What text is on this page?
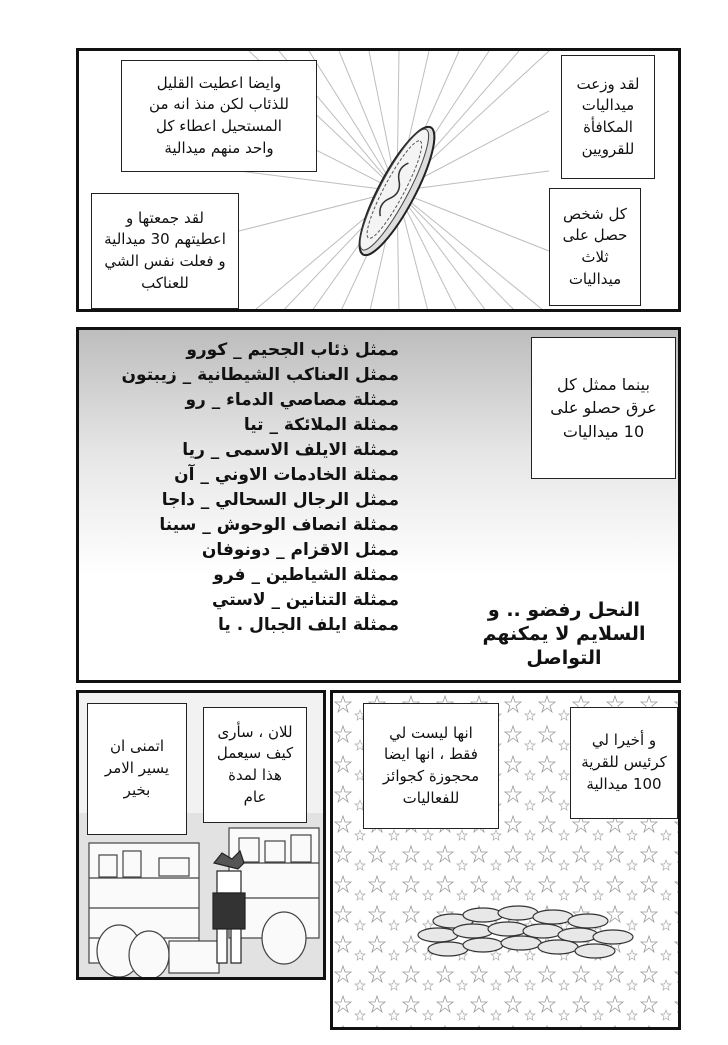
وايضا اعطيت القليل
للذئاب لكن منذ انه من
المستحيل اعطاء كل
واحد منهم ميدالية
لقد جمعتها و
اعطيتهم 30 ميدالية
و فعلت نفس الشي
للعناكب
لقد وزعت
ميداليات
المكافأة
للقرويين
كل شخص
حصل على
ثلاث
ميداليات
بينما ممثل كل
عرق حصلو على
10 ميداليات
ممثل ذئاب الجحيم _ كورو
ممثل العناكب الشيطانية _ زيبتون
ممثلة مصاصي الدماء _ رو
ممثلة الملائكة _ تيا
ممثلة الايلف الاسمى _ ريا
ممثلة الخادمات الاوني _ آن
ممثل الرجال السحالي _ داجا
ممثلة انصاف الوحوش _ سينا
ممثل الاقزام _ دونوفان
ممثلة الشياطين _ فرو
ممثلة التنانين _ لاستي
ممثلة ايلف الجبال . يا
النحل رفضو .. و
السلايم لا يمكنهم
التواصل
انها ليست لي
فقط ، انها ايضا
محجوزة كجوائز
للفعاليات
و أخيرا لي
كرئيس للقرية
100 ميدالية
اتمنى ان
يسير الامر
بخير
للان ، سأرى
كيف سيعمل
هذا لمدة
عام
